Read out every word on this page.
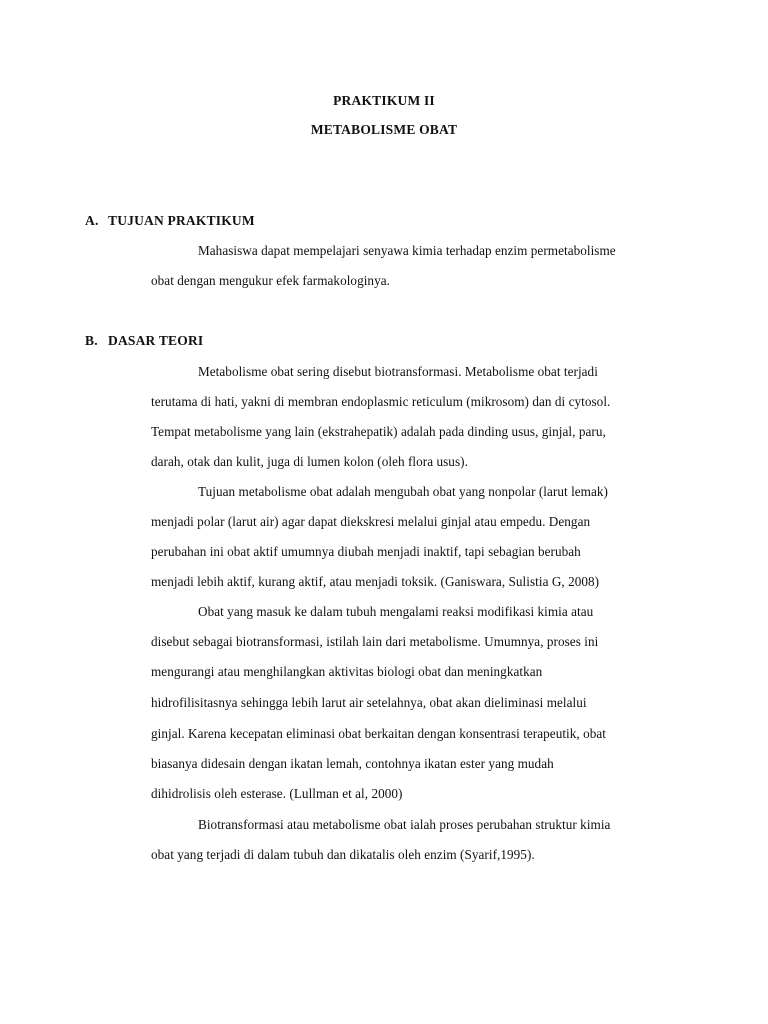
PRAKTIKUM II
METABOLISME OBAT
A. TUJUAN PRAKTIKUM
Mahasiswa dapat mempelajari senyawa kimia terhadap enzim permetabolisme
obat dengan mengukur efek farmakologinya.
B. DASAR TEORI
Metabolisme obat sering disebut biotransformasi. Metabolisme obat terjadi
terutama di hati, yakni di membran endoplasmic reticulum (mikrosom) dan di cytosol.
Tempat metabolisme yang lain (ekstrahepatik) adalah pada dinding usus, ginjal, paru,
darah, otak dan kulit, juga di lumen kolon (oleh flora usus).
Tujuan metabolisme obat adalah mengubah obat yang nonpolar (larut lemak)
menjadi polar (larut air) agar dapat diekskresi melalui ginjal atau empedu. Dengan
perubahan ini obat aktif umumnya diubah menjadi inaktif, tapi sebagian berubah
menjadi lebih aktif, kurang aktif, atau menjadi toksik. (Ganiswara, Sulistia G, 2008)
Obat yang masuk ke dalam tubuh mengalami reaksi modifikasi kimia atau
disebut sebagai biotransformasi, istilah lain dari metabolisme. Umumnya, proses ini
mengurangi atau menghilangkan aktivitas biologi obat dan meningkatkan
hidrofilisitasnya sehingga lebih larut air setelahnya, obat akan dieliminasi melalui
ginjal. Karena kecepatan eliminasi obat berkaitan dengan konsentrasi terapeutik, obat
biasanya didesain dengan ikatan lemah, contohnya ikatan ester yang mudah
dihidrolisis oleh esterase. (Lullman et al, 2000)
Biotransformasi atau metabolisme obat ialah proses perubahan struktur kimia
obat yang terjadi di dalam tubuh dan dikatalis oleh enzim (Syarif,1995).
